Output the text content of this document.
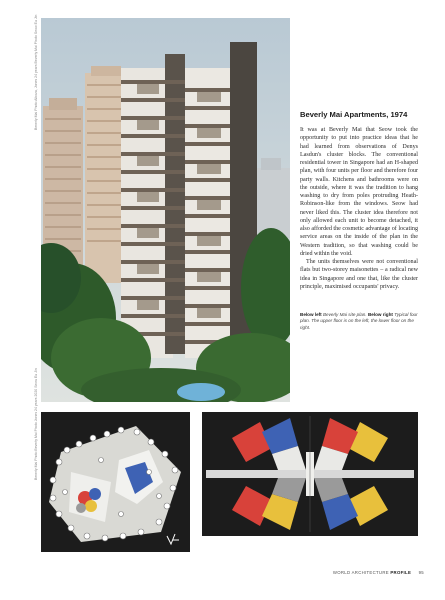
Beverly Mai Photo Alboza, Jones 24 years Beverly Mai Photo Seow Eu Jin
Beverly Mai Photo Beverly Mai Photo Jones 24 years 2020 Seow Eu Jin
Beverly Mai Apartments, 1974

It was at Beverly Mai that Seow took the opportunity to put into practice ideas that he had learned from observations of Denys Lasdun's cluster blocks. The conventional residential tower in Singapore had an H-shaped plan, with four units per floor and therefore four party walls. Kitchens and bathrooms were on the outside, where it was the tradition to hang washing to dry from poles protruding Heath-Robinson-like from the windows. Seow had never liked this. The cluster idea therefore not only allowed each unit to become detached, it also afforded the cosmetic advantage of locating service areas on the inside of the plan in the Western tradition, so that washing could be dried within the void.

The units themselves were not conventional flats but two-storey maisonettes – a radical new idea in Singapore and one that, like the cluster principle, maximised occupants' privacy.

Below left Beverly Mai site plan. Below right Typical four plan. The upper floor is on the left, the lower floor on the right.
WORLD ARCHITECTURE PROFILE 95
